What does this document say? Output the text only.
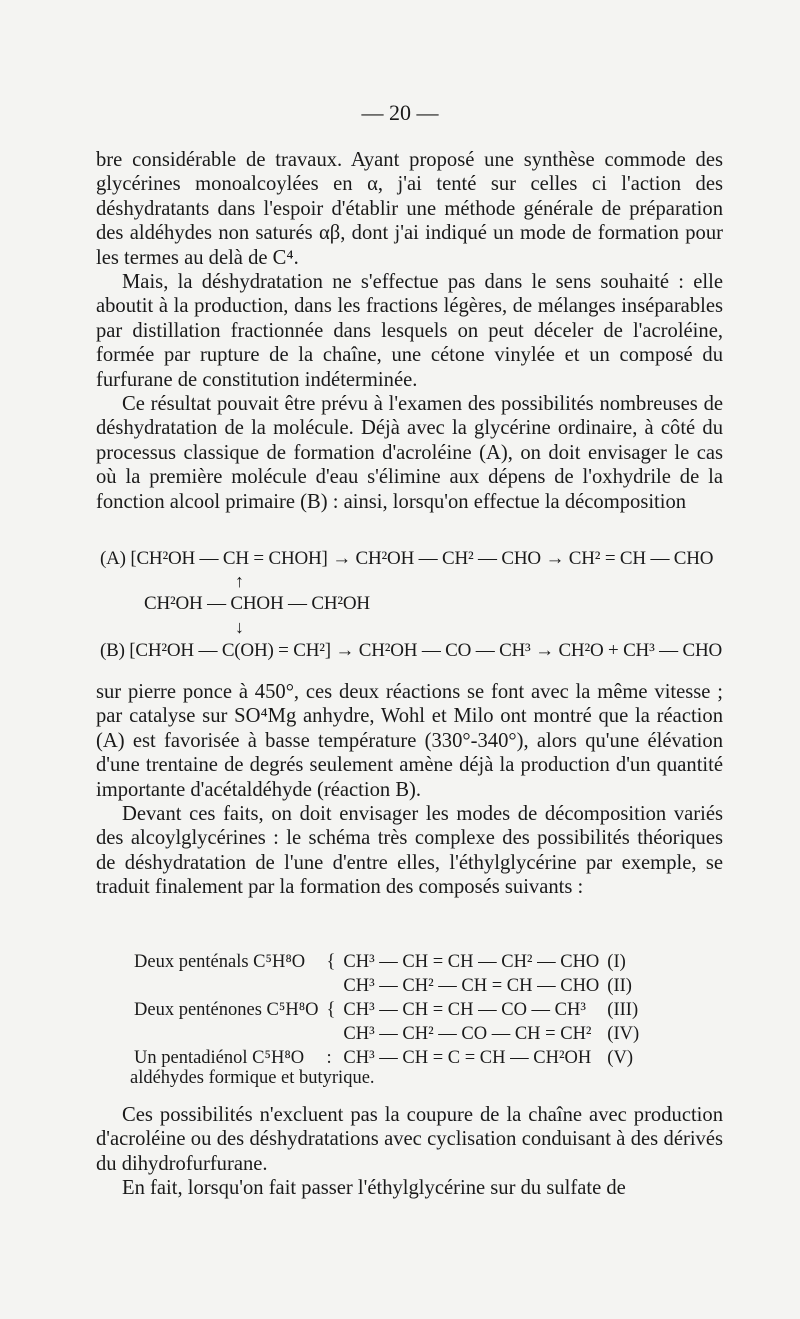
— 20 —

bre considérable de travaux. Ayant proposé une synthèse commode des glycérines monoalcoylées en α, j'ai tenté sur celles ci l'action des déshydratants dans l'espoir d'établir une méthode générale de préparation des aldéhydes non saturés αβ, dont j'ai indiqué un mode de formation pour les termes au delà de C⁴.

Mais, la déshydratation ne s'effectue pas dans le sens souhaité : elle aboutit à la production, dans les fractions légères, de mélanges inséparables par distillation fractionnée dans lesquels on peut déceler de l'acroléine, formée par rupture de la chaîne, une cétone vinylée et un composé du furfurane de constitution indéterminée.

Ce résultat pouvait être prévu à l'examen des possibilités nombreuses de déshydratation de la molécule. Déjà avec la glycérine ordinaire, à côté du processus classique de formation d'acroléine (A), on doit envisager le cas où la première molécule d'eau s'élimine aux dépens de l'oxhydrile de la fonction alcool primaire (B) : ainsi, lorsqu'on effectue la décomposition

(A) [CH²OH — CH = CHOH] → CH²OH — CH² — CHO → CH² = CH — CHO
↑
CH²OH — CHOH — CH²OH
↓
(B) [CH²OH — C(OH) = CH²] → CH²OH — CO — CH³ → CH²O + CH³ — CHO

sur pierre ponce à 450°, ces deux réactions se font avec la même vitesse ; par catalyse sur SO⁴Mg anhydre, Wohl et Milo ont montré que la réaction (A) est favorisée à basse température (330°-340°), alors qu'une élévation d'une trentaine de degrés seulement amène déjà la production d'un quantité importante d'acétaldéhyde (réaction B).

Devant ces faits, on doit envisager les modes de décomposition variés des alcoylglycérines : le schéma très complexe des possibilités théoriques de déshydratation de l'une d'entre elles, l'éthylglycérine par exemple, se traduit finalement par la formation des composés suivants :

Deux penténals C⁵H⁸O	{	CH³ — CH = CH — CH² — CHO	(I)
		CH³ — CH² — CH = CH — CHO	(II)
Deux penténones C⁵H⁸O	{	CH³ — CH = CH — CO — CH³	(III)
		CH³ — CH² — CO — CH = CH²	(IV)
Un pentadiénol C⁵H⁸O	:	CH³ — CH = C = CH — CH²OH	(V)
aldéhydes formique et butyrique.

Ces possibilités n'excluent pas la coupure de la chaîne avec production d'acroléine ou des déshydratations avec cyclisation conduisant à des dérivés du dihydrofurfurane.

En fait, lorsqu'on fait passer l'éthylglycérine sur du sulfate de
